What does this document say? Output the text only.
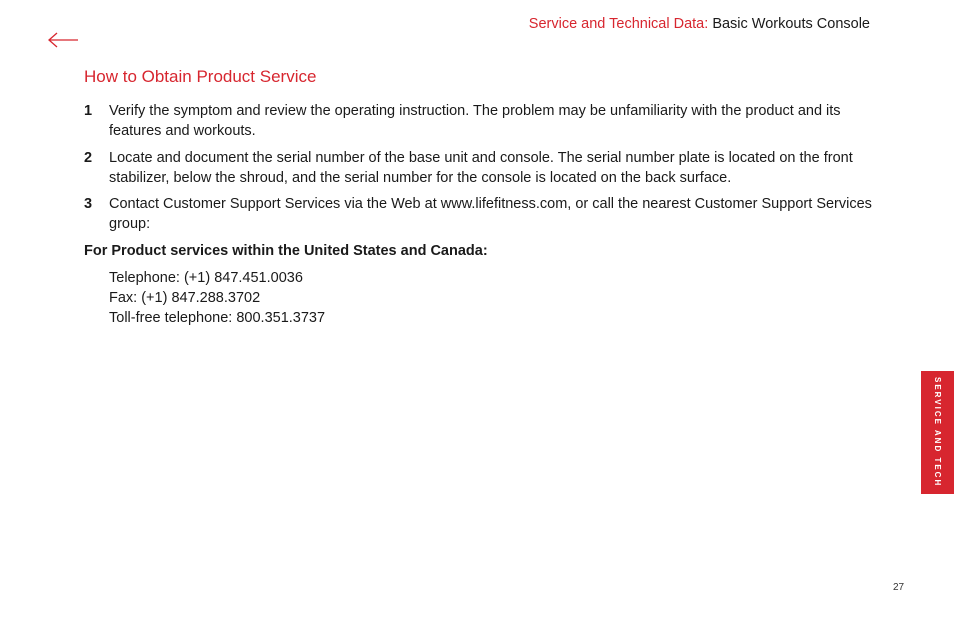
Service and Technical Data: Basic Workouts Console
How to Obtain Product Service
1	Verify the symptom and review the operating instruction. The problem may be unfamiliarity with the product and its features and workouts.
2	Locate and document the serial number of the base unit and console. The serial number plate is located on the front stabilizer, below the shroud, and the serial number for the console is located on the back surface.
3	Contact Customer Support Services via the Web at www.lifefitness.com, or call the nearest Customer Support Services group:
For Product services within the United States and Canada:
Telephone: (+1) 847.451.0036
Fax: (+1) 847.288.3702
Toll-free telephone: 800.351.3737
SERVICE AND TECH
27
